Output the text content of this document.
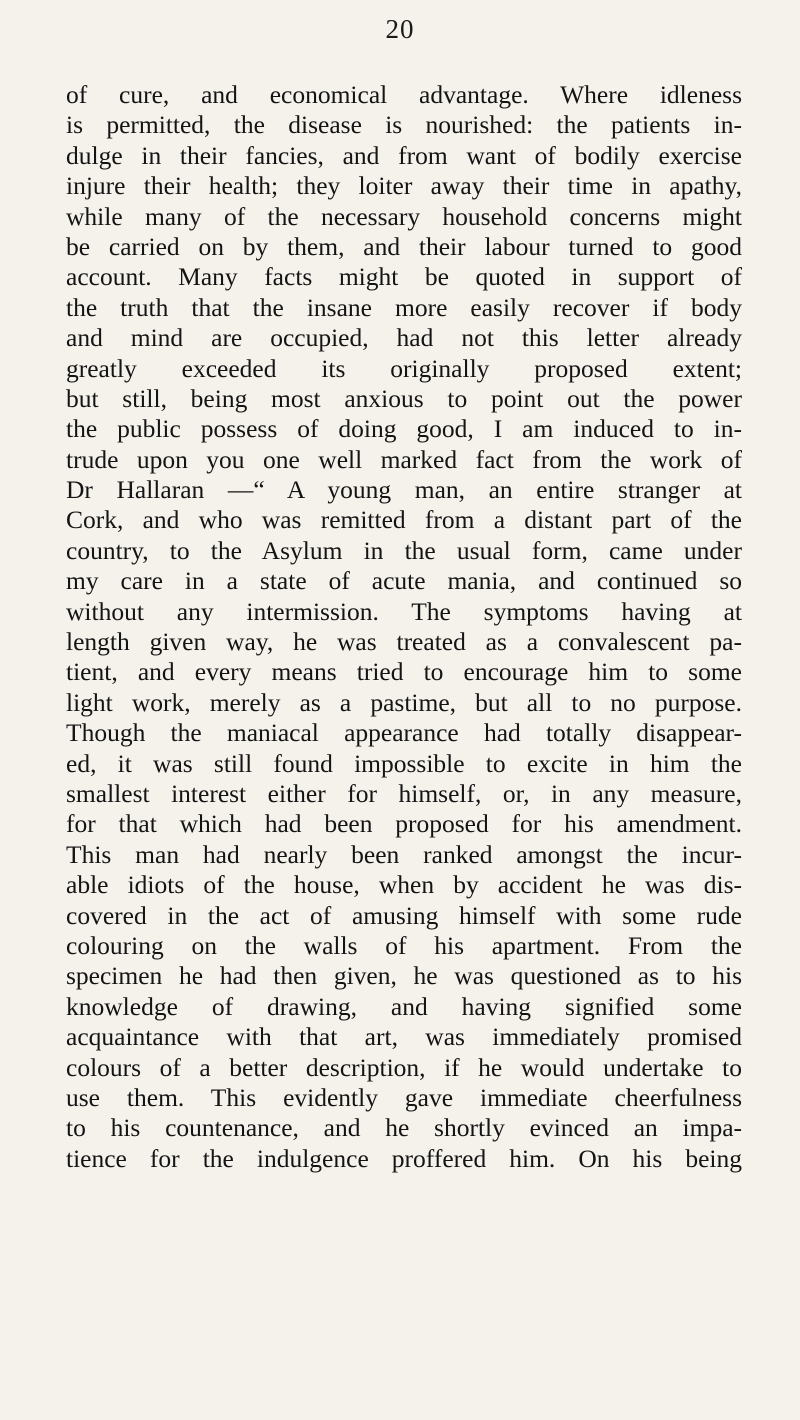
20
of cure, and economical advantage. Where idleness
is permitted, the disease is nourished: the patients in-
dulge in their fancies, and from want of bodily exercise
injure their health; they loiter away their time in apathy,
while many of the necessary household concerns might
be carried on by them, and their labour turned to good
account. Many facts might be quoted in support of
the truth that the insane more easily recover if body
and mind are occupied, had not this letter already
greatly exceeded its originally proposed extent;
but still, being most anxious to point out the power
the public possess of doing good, I am induced to in-
trude upon you one well marked fact from the work of
Dr Hallaran —“ A young man, an entire stranger at
Cork, and who was remitted from a distant part of the
country, to the Asylum in the usual form, came under
my care in a state of acute mania, and continued so
without any intermission. The symptoms having at
length given way, he was treated as a convalescent pa-
tient, and every means tried to encourage him to some
light work, merely as a pastime, but all to no purpose.
Though the maniacal appearance had totally disappear-
ed, it was still found impossible to excite in him the
smallest interest either for himself, or, in any measure,
for that which had been proposed for his amendment.
This man had nearly been ranked amongst the incur-
able idiots of the house, when by accident he was dis-
covered in the act of amusing himself with some rude
colouring on the walls of his apartment. From the
specimen he had then given, he was questioned as to his
knowledge of drawing, and having signified some
acquaintance with that art, was immediately promised
colours of a better description, if he would undertake to
use them. This evidently gave immediate cheerfulness
to his countenance, and he shortly evinced an impa-
tience for the indulgence proffered him. On his being
